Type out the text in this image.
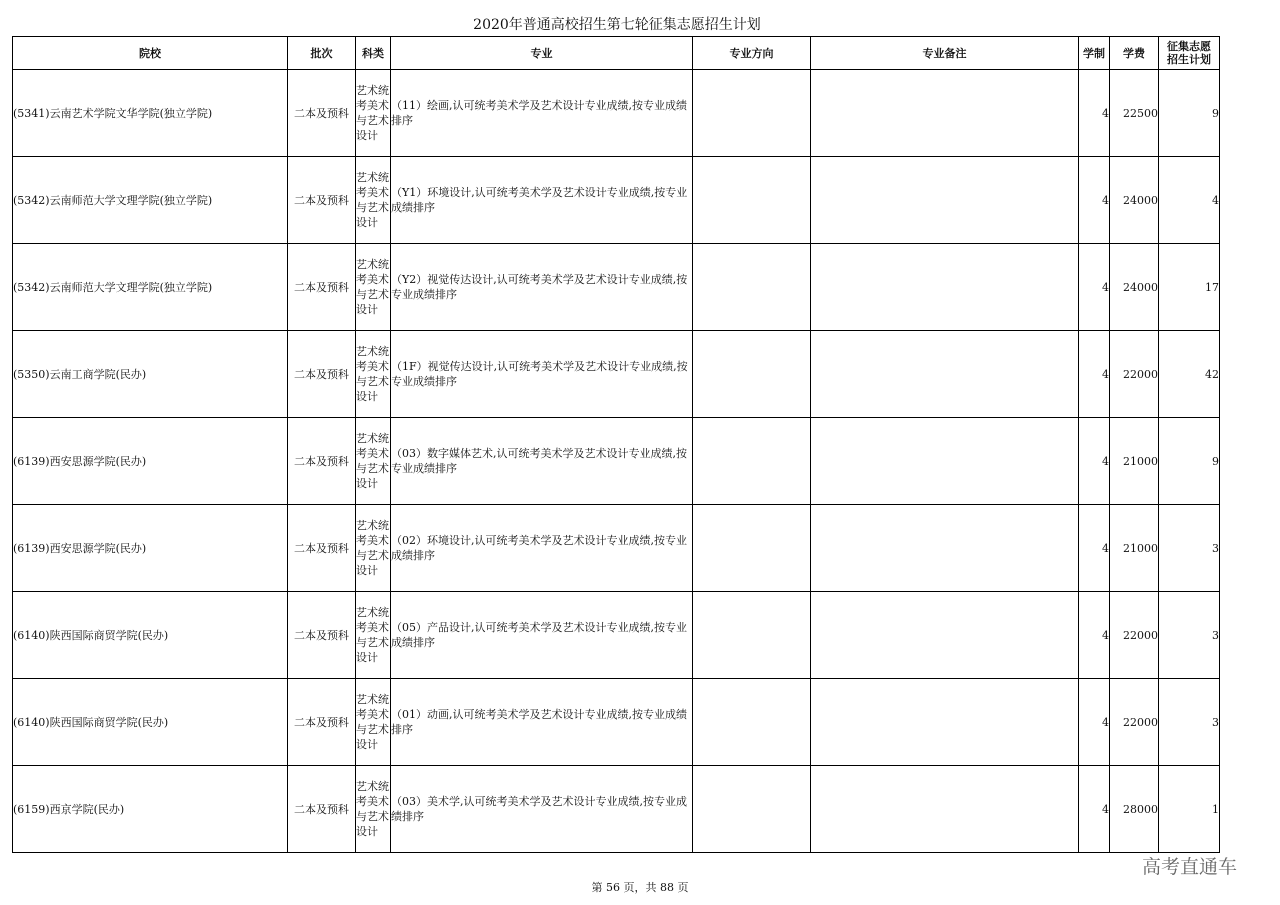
2020年普通高校招生第七轮征集志愿招生计划
院校	批次	科类	专业	专业方向	专业备注	学制	学费	征集志愿
招生计划

(5341)云南艺术学院文华学院(独立学院)	二本及预科	艺术统考美术与艺术设计	（11）绘画,认可统考美术学及艺术设计专业成绩,按专业成绩排序			4	22500	9
(5342)云南师范大学文理学院(独立学院)	二本及预科	艺术统考美术与艺术设计	（Y1）环境设计,认可统考美术学及艺术设计专业成绩,按专业成绩排序			4	24000	4
(5342)云南师范大学文理学院(独立学院)	二本及预科	艺术统考美术与艺术设计	（Y2）视觉传达设计,认可统考美术学及艺术设计专业成绩,按专业成绩排序			4	24000	17
(5350)云南工商学院(民办)	二本及预科	艺术统考美术与艺术设计	（1F）视觉传达设计,认可统考美术学及艺术设计专业成绩,按专业成绩排序			4	22000	42
(6139)西安思源学院(民办)	二本及预科	艺术统考美术与艺术设计	（03）数字媒体艺术,认可统考美术学及艺术设计专业成绩,按专业成绩排序			4	21000	9
(6139)西安思源学院(民办)	二本及预科	艺术统考美术与艺术设计	（02）环境设计,认可统考美术学及艺术设计专业成绩,按专业成绩排序			4	21000	3
(6140)陕西国际商贸学院(民办)	二本及预科	艺术统考美术与艺术设计	（05）产品设计,认可统考美术学及艺术设计专业成绩,按专业成绩排序			4	22000	3
(6140)陕西国际商贸学院(民办)	二本及预科	艺术统考美术与艺术设计	（01）动画,认可统考美术学及艺术设计专业成绩,按专业成绩排序			4	22000	3
(6159)西京学院(民办)	二本及预科	艺术统考美术与艺术设计	（03）美术学,认可统考美术学及艺术设计专业成绩,按专业成绩排序			4	28000	1
高考直通车
第 56 页，共 88 页
